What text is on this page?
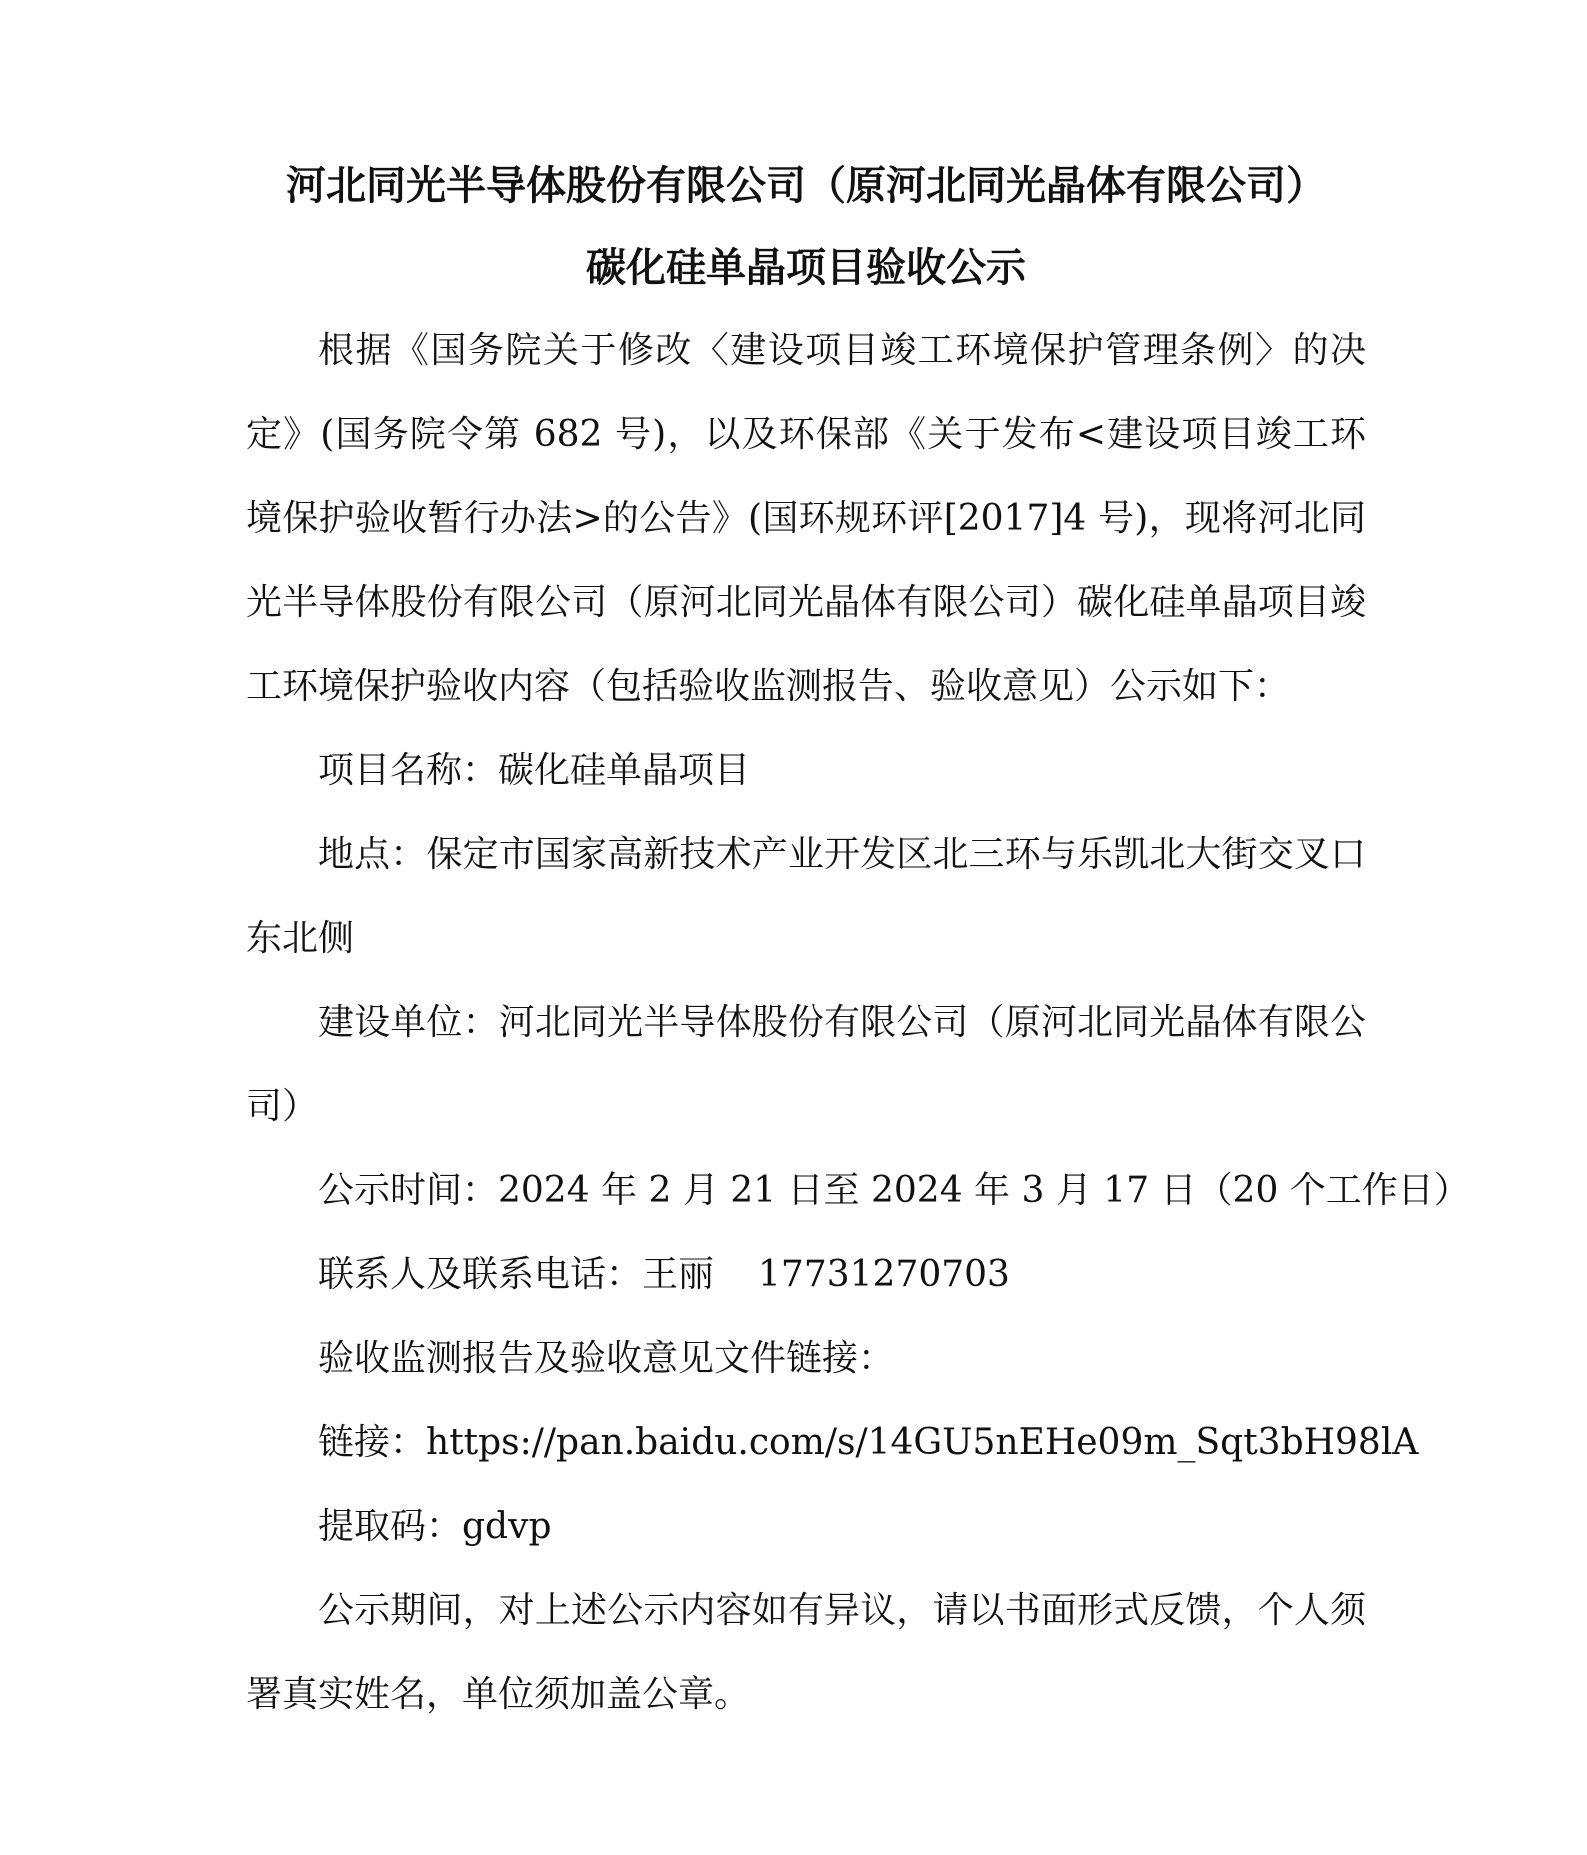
河北同光半导体股份有限公司（原河北同光晶体有限公司）
碳化硅单晶项目验收公示

根据《国务院关于修改〈建设项目竣工环境保护管理条例〉的决定》(国务院令第 682 号)，以及环保部《关于发布<建设项目竣工环境保护验收暂行办法>的公告》(国环规环评[2017]4 号)，现将河北同光半导体股份有限公司（原河北同光晶体有限公司）碳化硅单晶项目竣工环境保护验收内容（包括验收监测报告、验收意见）公示如下：

项目名称：碳化硅单晶项目

地点：保定市国家高新技术产业开发区北三环与乐凯北大街交叉口东北侧

建设单位：河北同光半导体股份有限公司（原河北同光晶体有限公司）

公示时间：2024 年 2 月 21 日至 2024 年 3 月 17 日（20 个工作日）

联系人及联系电话：王丽 17731270703

验收监测报告及验收意见文件链接：

链接：https://pan.baidu.com/s/14GU5nEHe09m_Sqt3bH98lA

提取码：gdvp

公示期间，对上述公示内容如有异议，请以书面形式反馈，个人须署真实姓名，单位须加盖公章。
